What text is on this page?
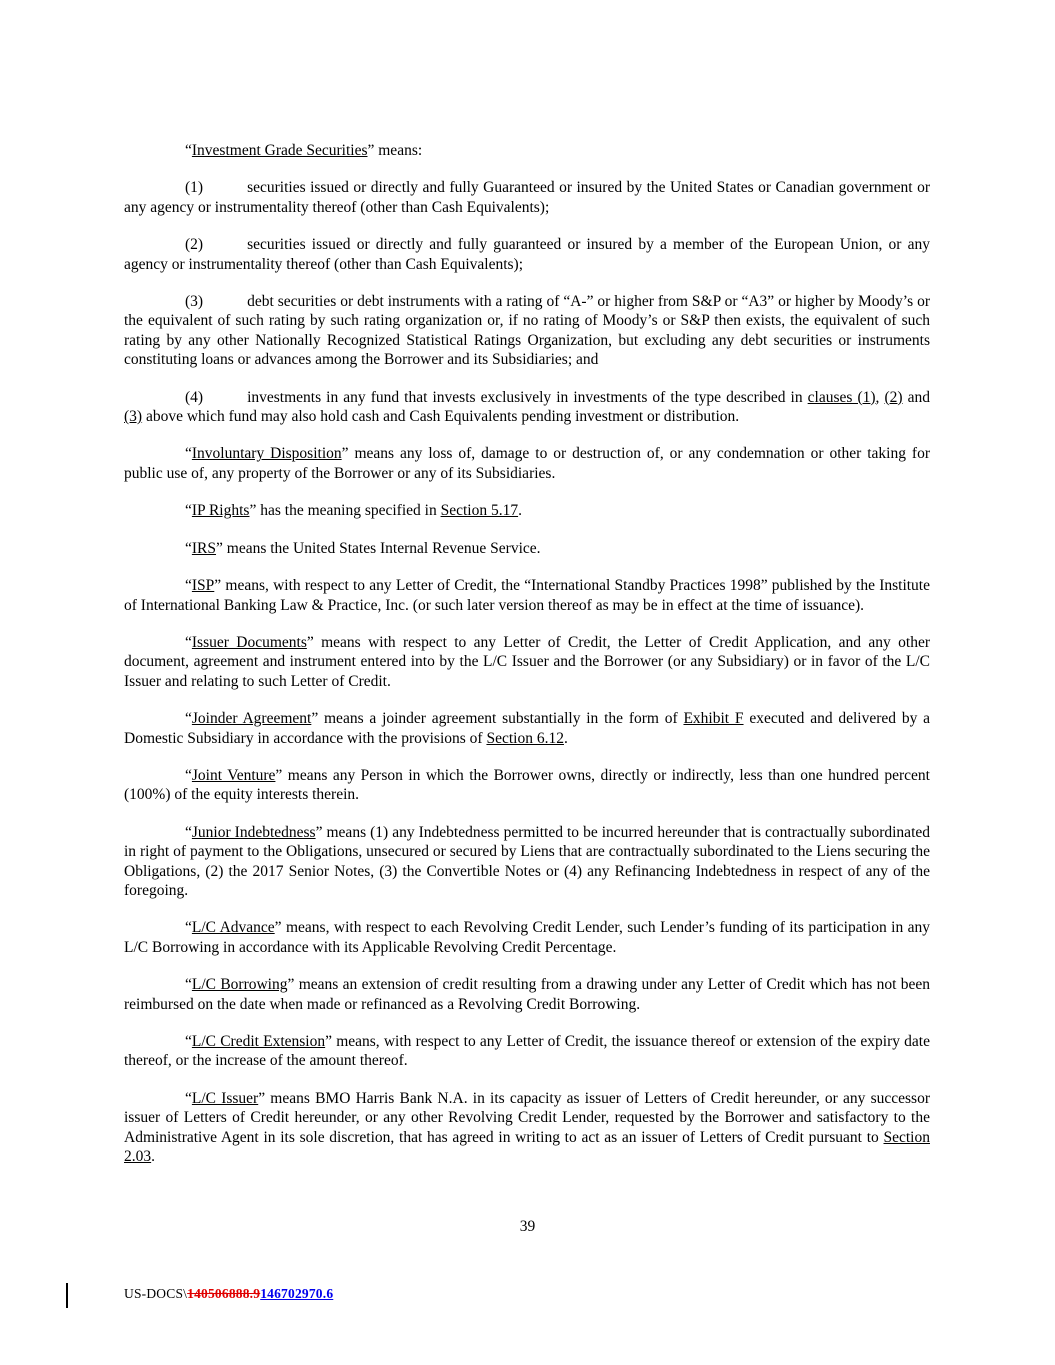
“Investment Grade Securities” means:

(1)	securities issued or directly and fully Guaranteed or insured by the United States or Canadian government or any agency or instrumentality thereof (other than Cash Equivalents);

(2)	securities issued or directly and fully guaranteed or insured by a member of the European Union, or any agency or instrumentality thereof (other than Cash Equivalents);

(3)	debt securities or debt instruments with a rating of “A-” or higher from S&P or “A3” or higher by Moody’s or the equivalent of such rating by such rating organization or, if no rating of Moody’s or S&P then exists, the equivalent of such rating by any other Nationally Recognized Statistical Ratings Organization, but excluding any debt securities or instruments constituting loans or advances among the Borrower and its Subsidiaries; and

(4)	investments in any fund that invests exclusively in investments of the type described in clauses (1), (2) and (3) above which fund may also hold cash and Cash Equivalents pending investment or distribution.

“Involuntary Disposition” means any loss of, damage to or destruction of, or any condemnation or other taking for public use of, any property of the Borrower or any of its Subsidiaries.

“IP Rights” has the meaning specified in Section 5.17.

“IRS” means the United States Internal Revenue Service.

“ISP” means, with respect to any Letter of Credit, the “International Standby Practices 1998” published by the Institute of International Banking Law & Practice, Inc. (or such later version thereof as may be in effect at the time of issuance).

“Issuer Documents” means with respect to any Letter of Credit, the Letter of Credit Application, and any other document, agreement and instrument entered into by the L/C Issuer and the Borrower (or any Subsidiary) or in favor of the L/C Issuer and relating to such Letter of Credit.

“Joinder Agreement” means a joinder agreement substantially in the form of Exhibit F executed and delivered by a Domestic Subsidiary in accordance with the provisions of Section 6.12.

“Joint Venture” means any Person in which the Borrower owns, directly or indirectly, less than one hundred percent (100%) of the equity interests therein.

“Junior Indebtedness” means (1) any Indebtedness permitted to be incurred hereunder that is contractually subordinated in right of payment to the Obligations, unsecured or secured by Liens that are contractually subordinated to the Liens securing the Obligations, (2) the 2017 Senior Notes, (3) the Convertible Notes or (4) any Refinancing Indebtedness in respect of any of the foregoing.

“L/C Advance” means, with respect to each Revolving Credit Lender, such Lender’s funding of its participation in any L/C Borrowing in accordance with its Applicable Revolving Credit Percentage.

“L/C Borrowing” means an extension of credit resulting from a drawing under any Letter of Credit which has not been reimbursed on the date when made or refinanced as a Revolving Credit Borrowing.

“L/C Credit Extension” means, with respect to any Letter of Credit, the issuance thereof or extension of the expiry date thereof, or the increase of the amount thereof.

“L/C Issuer” means BMO Harris Bank N.A. in its capacity as issuer of Letters of Credit hereunder, or any successor issuer of Letters of Credit hereunder, or any other Revolving Credit Lender, requested by the Borrower and satisfactory to the Administrative Agent in its sole discretion, that has agreed in writing to act as an issuer of Letters of Credit pursuant to Section 2.03.

39
US-DOCS\140506888.9146702970.6
